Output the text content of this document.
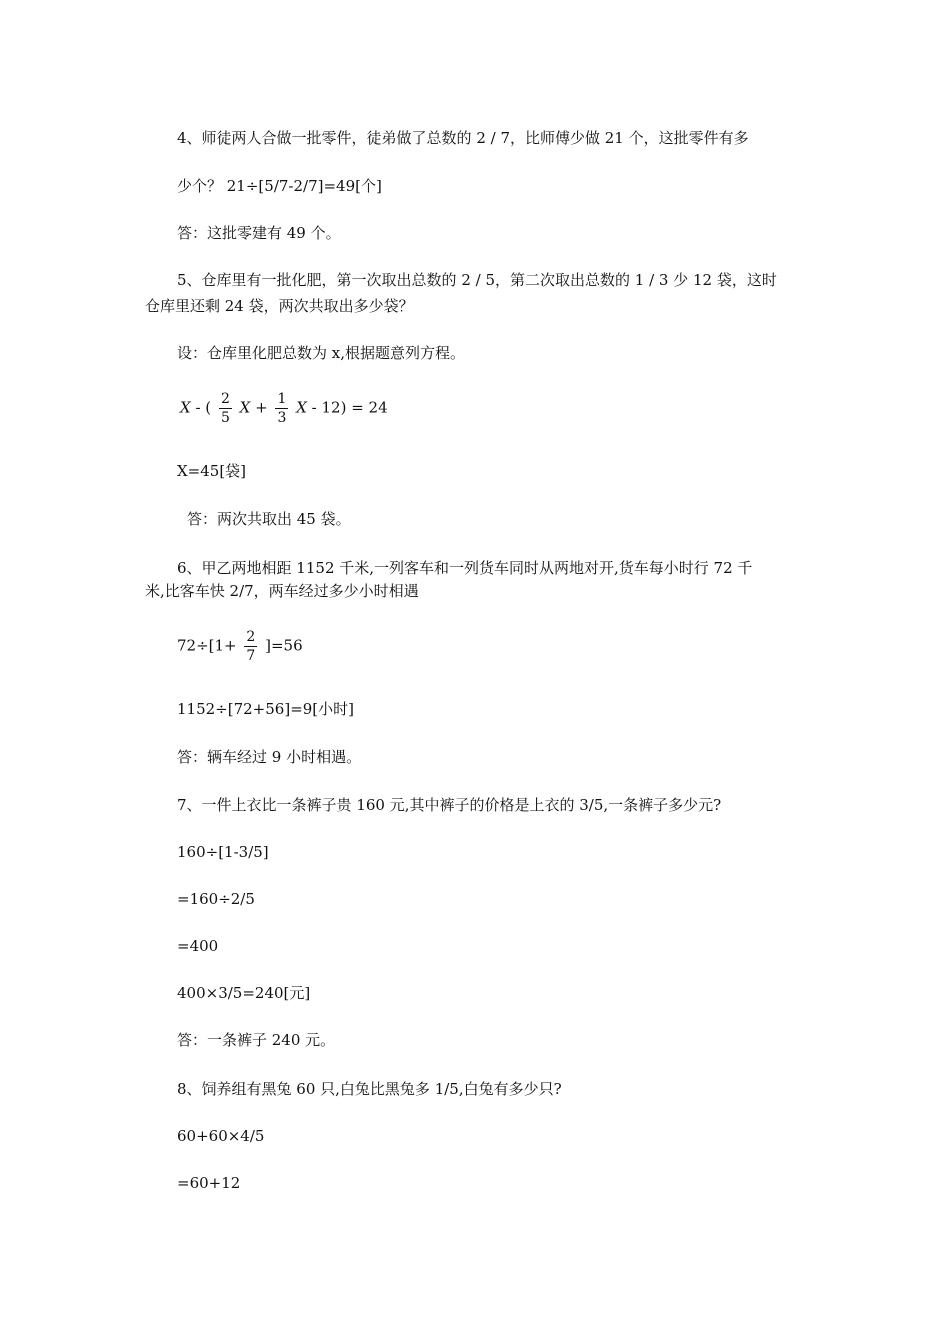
4、师徒两人合做一批零件，徒弟做了总数的 2 / 7，比师傅少做 21 个，这批零件有多
少个？ 21÷[5/7-2/7]=49[个]
答：这批零建有 49 个。
5、仓库里有一批化肥，第一次取出总数的 2 / 5，第二次取出总数的 1 / 3 少 12 袋，这时
仓库里还剩 24 袋，两次共取出多少袋？
设：仓库里化肥总数为 x,根据题意列方程。
X - ( $\frac{2}{5}$ $X + \frac{1}{3}$ X - 12) = 24
X=45[袋]
答：两次共取出 45 袋。
6、甲乙两地相距 1152 千米,一列客车和一列货车同时从两地对开,货车每小时行 72 千
米,比客车快 2/7，两车经过多少小时相遇
$72\div[1+ \frac{2}{7} ]=56$
1152÷[72+56]=9[小时]
答：辆车经过 9 小时相遇。
7、一件上衣比一条裤子贵 160 元,其中裤子的价格是上衣的 3/5,一条裤子多少元?
160÷[1-3/5]
=160÷2/5
=400
400×3/5=240[元]
答：一条裤子 240 元。
8、饲养组有黑兔 60 只,白兔比黑兔多 1/5,白兔有多少只?
60+60×4/5
=60+12
